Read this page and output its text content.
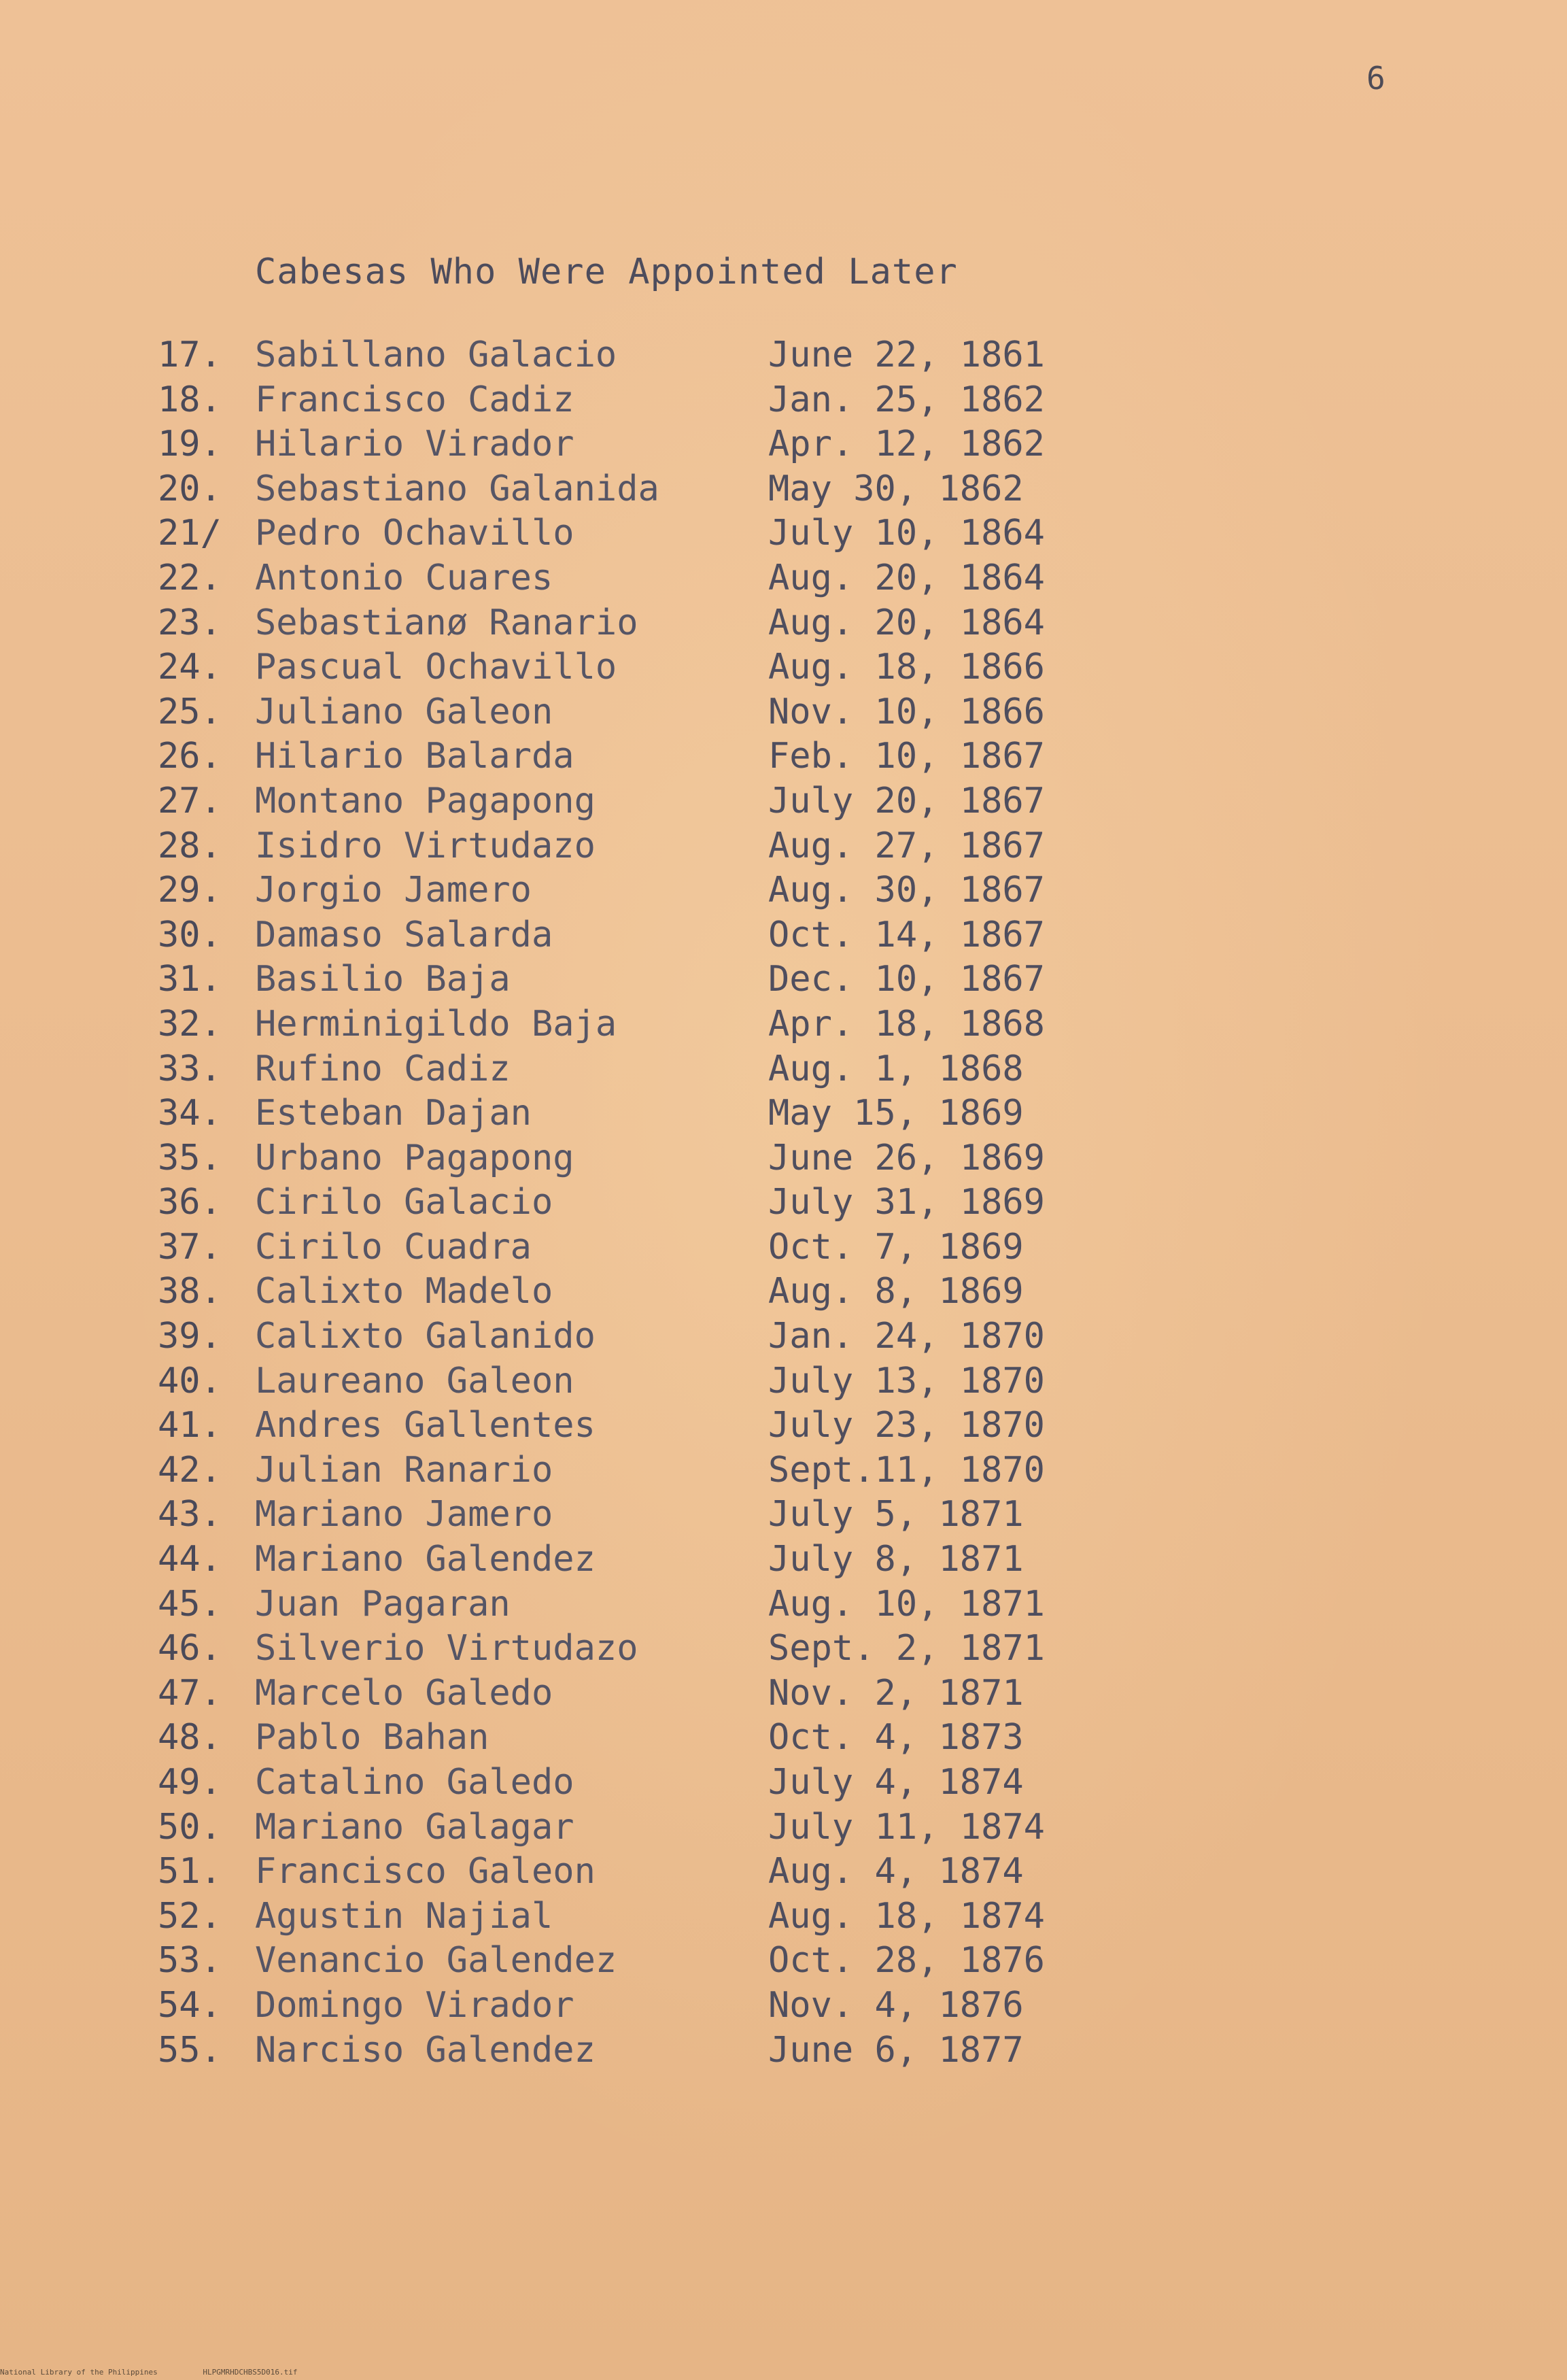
6
Cabesas Who Were Appointed Later
17. Sabillano Galacio	June 22, 1861
18. Francisco Cadiz	Jan. 25, 1862
19. Hilario Virador	Apr. 12, 1862
20. Sebastiano Galanida	May 30, 1862
21/ Pedro Ochavillo	July 10, 1864
22. Antonio Cuares	Aug. 20, 1864
23. Sebastianø Ranario	Aug. 20, 1864
24. Pascual Ochavillo	Aug. 18, 1866
25. Juliano Galeon	Nov. 10, 1866
26. Hilario Balarda	Feb. 10, 1867
27. Montano Pagapong	July 20, 1867
28. Isidro Virtudazo	Aug. 27, 1867
29. Jorgio Jamero	Aug. 30, 1867
30. Damaso Salarda	Oct. 14, 1867
31. Basilio Baja	Dec. 10, 1867
32. Herminigildo Baja	Apr. 18, 1868
33. Rufino Cadiz	Aug. 1, 1868
34. Esteban Dajan	May 15, 1869
35. Urbano Pagapong	June 26, 1869
36. Cirilo Galacio	July 31, 1869
37. Cirilo Cuadra	Oct. 7, 1869
38. Calixto Madelo	Aug. 8, 1869
39. Calixto Galanido	Jan. 24, 1870
40. Laureano Galeon	July 13, 1870
41. Andres Gallentes	July 23, 1870
42. Julian Ranario	Sept.11, 1870
43. Mariano Jamero	July 5, 1871
44. Mariano Galendez	July 8, 1871
45. Juan Pagaran	Aug. 10, 1871
46. Silverio Virtudazo	Sept. 2, 1871
47. Marcelo Galedo	Nov. 2, 1871
48. Pablo Bahan	Oct. 4, 1873
49. Catalino Galedo	July 4, 1874
50. Mariano Galagar	July 11, 1874
51. Francisco Galeon	Aug. 4, 1874
52. Agustin Najial	Aug. 18, 1874
53. Venancio Galendez	Oct. 28, 1876
54. Domingo Virador	Nov. 4, 1876
55. Narciso Galendez	June 6, 1877
National Library of the Philippines	HLPGMRHDCHBS5D016.tif
